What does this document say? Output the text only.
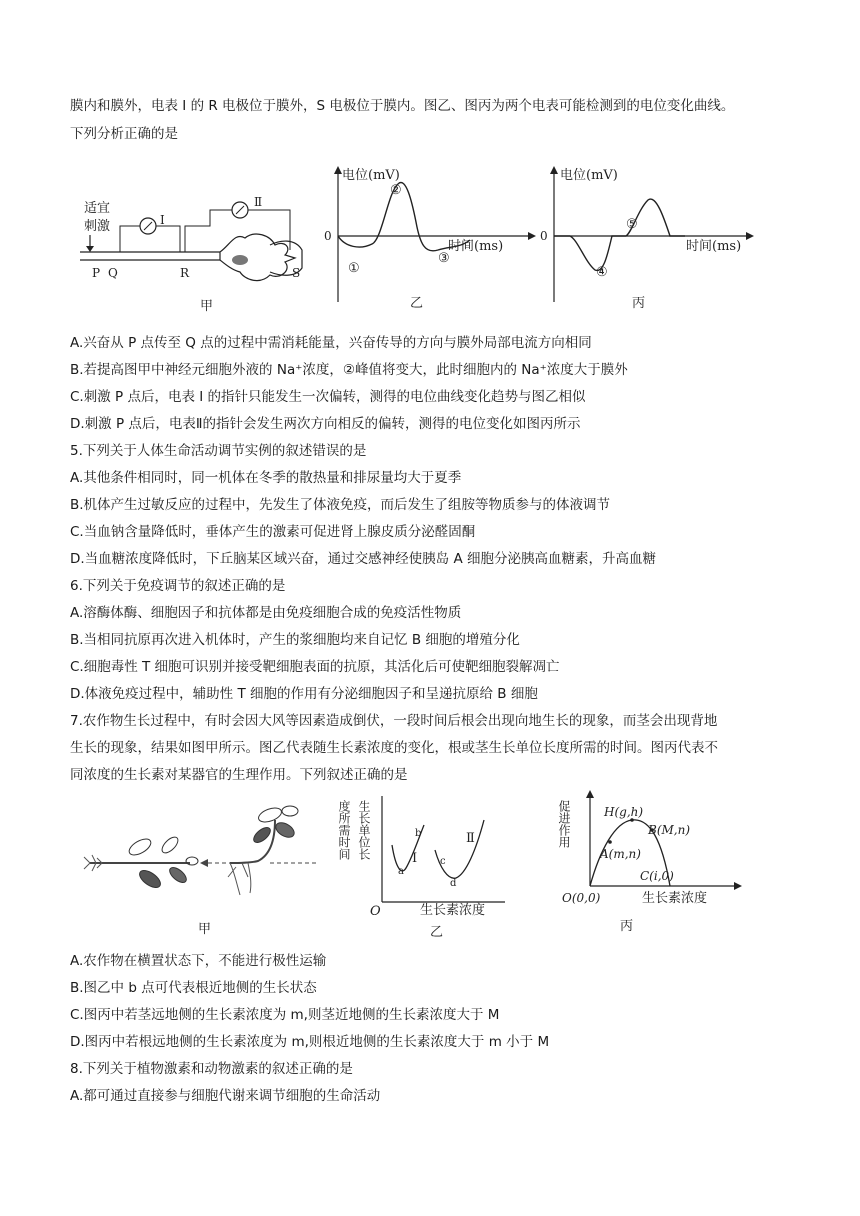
膜内和膜外，电表 I 的 R 电极位于膜外，S 电极位于膜内。图乙、图丙为两个电表可能检测到的电位变化曲线。
下列分析正确的是
适宜
刺激	I
Ⅱ
P Q	R	S
甲
电位(mV)
0
时间(ms)
①
②
③
乙
电位(mV)
0
时间(ms)
④
⑤
丙
A.兴奋从 P 点传至 Q 点的过程中需消耗能量，兴奋传导的方向与膜外局部电流方向相同
B.若提高图甲中神经元细胞外液的 Na⁺浓度，②峰值将变大，此时细胞内的 Na⁺浓度大于膜外
C.刺激 P 点后，电表 I 的指针只能发生一次偏转，测得的电位曲线变化趋势与图乙相似
D.刺激 P 点后，电表Ⅱ的指针会发生两次方向相反的偏转，测得的电位变化如图丙所示
5.下列关于人体生命活动调节实例的叙述错误的是
A.其他条件相同时，同一机体在冬季的散热量和排尿量均大于夏季
B.机体产生过敏反应的过程中，先发生了体液免疫，而后发生了组胺等物质参与的体液调节
C.当血钠含量降低时，垂体产生的激素可促进肾上腺皮质分泌醛固酮
D.当血糖浓度降低时，下丘脑某区域兴奋，通过交感神经使胰岛 A 细胞分泌胰高血糖素，升高血糖
6.下列关于免疫调节的叙述正确的是
A.溶酶体酶、细胞因子和抗体都是由免疫细胞合成的免疫活性物质
B.当相同抗原再次进入机体时，产生的浆细胞均来自记忆 B 细胞的增殖分化
C.细胞毒性 T 细胞可识别并接受靶细胞表面的抗原，其活化后可使靶细胞裂解凋亡
D.体液免疫过程中，辅助性 T 细胞的作用有分泌细胞因子和呈递抗原给 B 细胞
7.农作物生长过程中，有时会因大风等因素造成倒伏，一段时间后根会出现向地生长的现象，而茎会出现背地
生长的现象，结果如图甲所示。图乙代表随生长素浓度的变化，根或茎生长单位长度所需的时间。图丙代表不
同浓度的生长素对某器官的生理作用。下列叙述正确的是
甲
生长单位长
度所需时间
O	生长素浓度
a
b
c
d
I
Ⅱ
乙
促进作用	H(g,h)
B(M,n)
A(m,n)
C(i,0)
O(0,0)	生长素浓度
丙
A.农作物在横置状态下，不能进行极性运输
B.图乙中 b 点可代表根近地侧的生长状态
C.图丙中若茎远地侧的生长素浓度为 m,则茎近地侧的生长素浓度大于 M
D.图丙中若根远地侧的生长素浓度为 m,则根近地侧的生长素浓度大于 m 小于 M
8.下列关于植物激素和动物激素的叙述正确的是
A.都可通过直接参与细胞代谢来调节细胞的生命活动
